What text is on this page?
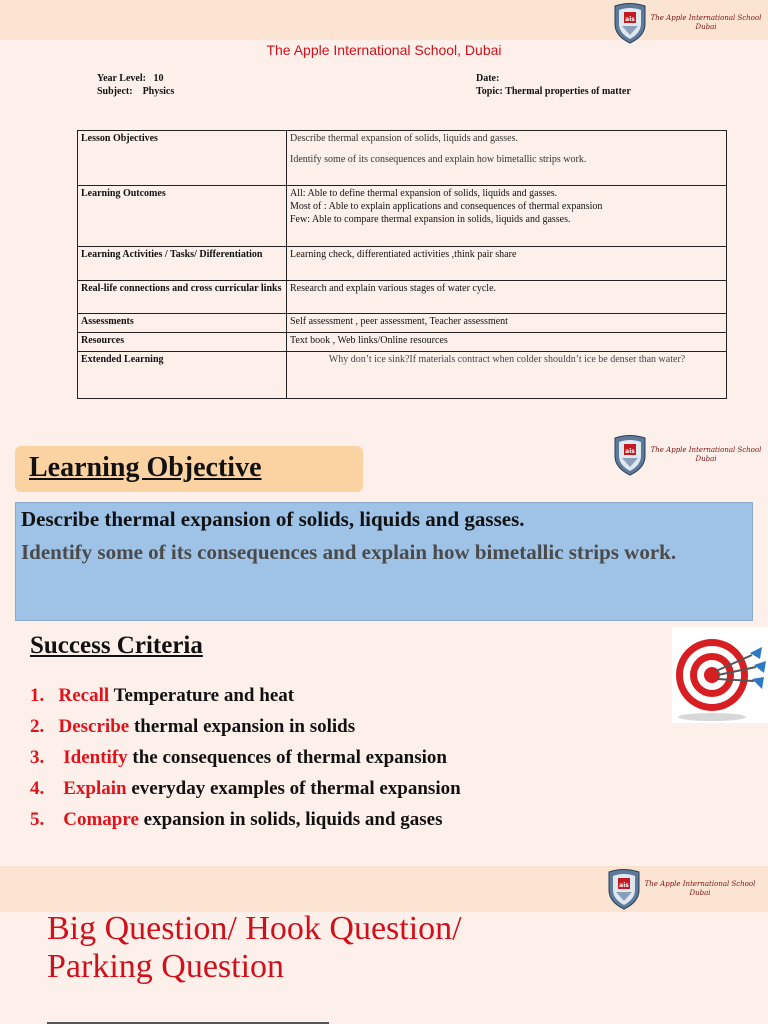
The Apple International School Dubai
The Apple International School, Dubai
Year Level: 10
Subject: Physics
Date:
Topic: Thermal properties of matter
Lesson Objectives	Describe thermal expansion of solids, liquids and gasses.
Identify some of its consequences and explain how bimetallic strips work.

Learning Outcomes	All: Able to define thermal expansion of solids, liquids and gasses.
Most of : Able to explain applications and consequences of thermal expansion
Few: Able to compare thermal expansion in solids, liquids and gasses.

Learning Activities / Tasks/ Differentiation	Learning check, differentiated activities ,think pair share

Real-life connections and cross curricular links	Research and explain various stages of water cycle.

Assessments	Self assessment , peer assessment, Teacher assessment

Resources	Text book , Web links/Online resources

Extended Learning	Why don’t ice sink?If materials contract when colder shouldn’t ice be denser than water?
The Apple International School Dubai
Learning Objective
Describe thermal expansion of solids, liquids and gasses.
Identify some of its consequences and explain how bimetallic strips work.
Success Criteria
1. Recall Temperature and heat
2. Describe thermal expansion in solids
3. Identify the consequences of thermal expansion
4. Explain everyday examples of thermal expansion
5. Comapre expansion in solids, liquids and gases
The Apple International School Dubai
Big Question/ Hook Question/
Parking Question
